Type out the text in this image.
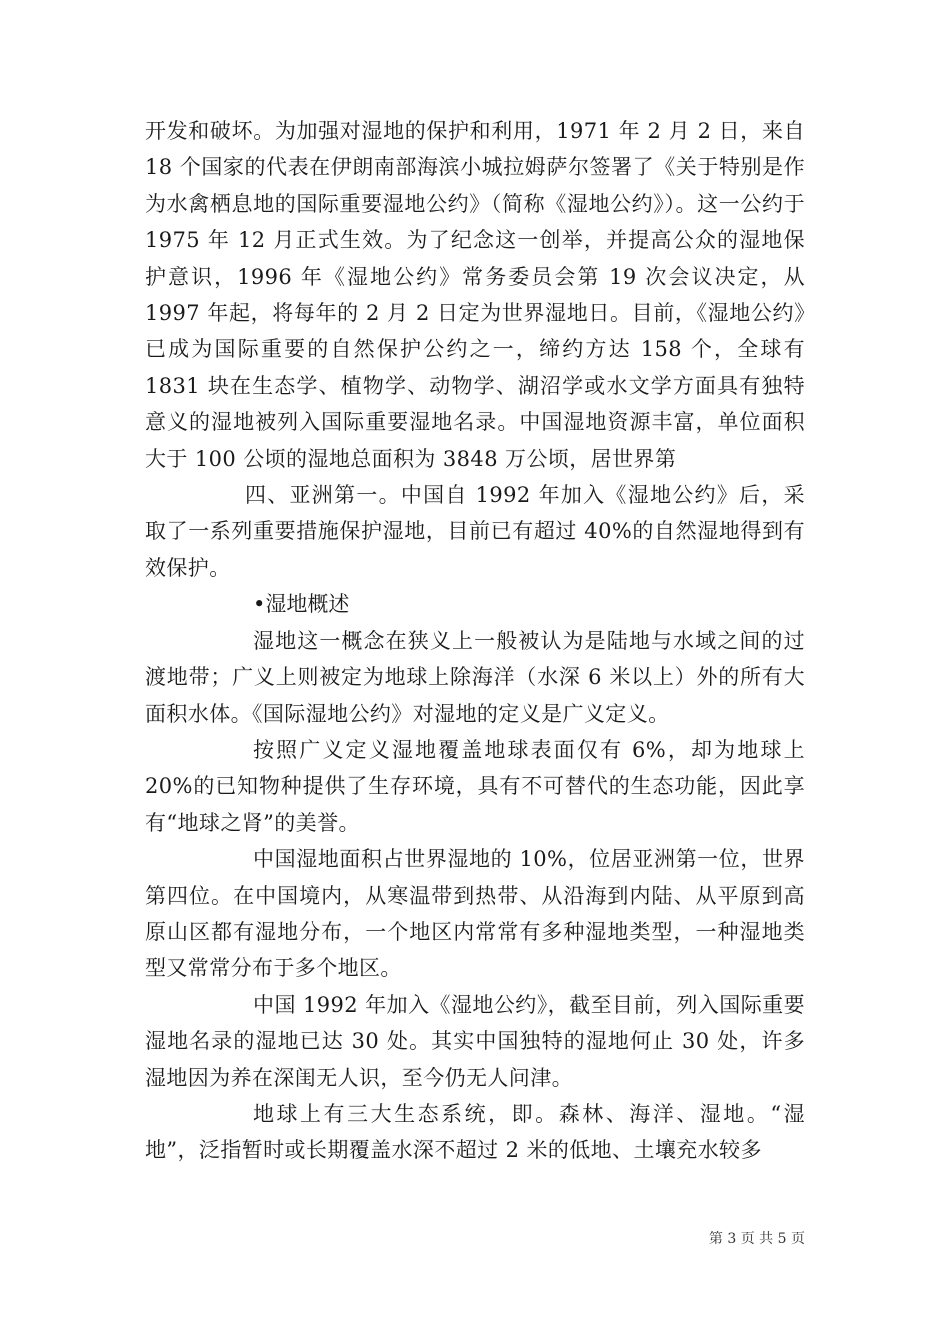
开发和破坏。为加强对湿地的保护和利用，1971 年 2 月 2 日，来自 18 个国家的代表在伊朗南部海滨小城拉姆萨尔签署了《关于特别是作为水禽栖息地的国际重要湿地公约》（简称《湿地公约》）。这一公约于 1975 年 12 月正式生效。为了纪念这一创举，并提高公众的湿地保护意识，1996 年《湿地公约》常务委员会第 19 次会议决定，从 1997 年起，将每年的 2 月 2 日定为世界湿地日。目前，《湿地公约》已成为国际重要的自然保护公约之一，缔约方达 158 个，全球有 1831 块在生态学、植物学、动物学、湖沼学或水文学方面具有独特意义的湿地被列入国际重要湿地名录。中国湿地资源丰富，单位面积大于 100 公顷的湿地总面积为 3848 万公顷，居世界第

四、亚洲第一。中国自 1992 年加入《湿地公约》后，采取了一系列重要措施保护湿地，目前已有超过 40%的自然湿地得到有效保护。

•湿地概述

湿地这一概念在狭义上一般被认为是陆地与水域之间的过渡地带；广义上则被定为地球上除海洋（水深 6 米以上）外的所有大面积水体。《国际湿地公约》对湿地的定义是广义定义。

按照广义定义湿地覆盖地球表面仅有 6%，却为地球上 20%的已知物种提供了生存环境，具有不可替代的生态功能，因此享有“地球之肾”的美誉。

中国湿地面积占世界湿地的 10%，位居亚洲第一位，世界第四位。在中国境内，从寒温带到热带、从沿海到内陆、从平原到高原山区都有湿地分布，一个地区内常常有多种湿地类型，一种湿地类型又常常分布于多个地区。

中国 1992 年加入《湿地公约》，截至目前，列入国际重要湿地名录的湿地已达 30 处。其实中国独特的湿地何止 30 处，许多湿地因为养在深闺无人识，至今仍无人问津。

地球上有三大生态系统，即。森林、海洋、湿地。“湿地”，泛指暂时或长期覆盖水深不超过 2 米的低地、土壤充水较多

第 3 页 共 5 页
